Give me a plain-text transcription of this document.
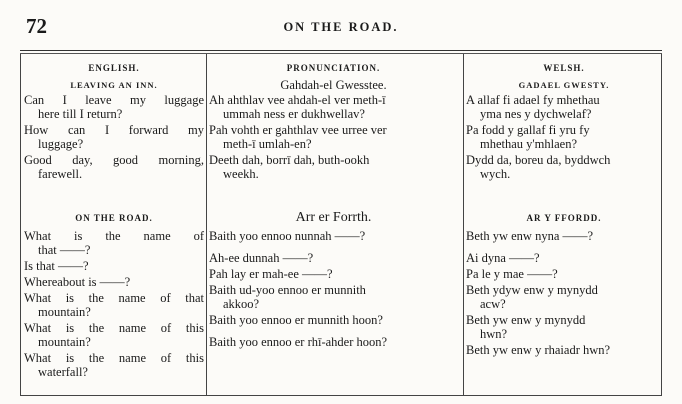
72	ON THE ROAD.
ENGLISH.
LEAVING AN INN.
Can I leave my luggage
here till I return?
How can I forward my
luggage?
Good day, good morning,
farewell.
ON THE ROAD.
What is the name of
that ——?
Is that ——?
Whereabout is ——?
What is the name of that
mountain?
What is the name of this
mountain?
What is the name of this
waterfall?
PRONUNCIATION.
Gahdah-el Gwesstee.
Ah ahthlav vee ahdah-el ver meth-ī
ummah ness er dukhwellav?
Pah vohth er gahthlav vee urree ver
meth-ī umlah-en?
Deeth dah, borrī dah, buth-ookh
weekh.
Arr er Forrth.
Baith yoo ennoo nunnah ——?
Ah-ee dunnah ——?
Pah lay er mah-ee ——?
Baith ud-yoo ennoo er munnith
akkoo?
Baith yoo ennoo er munnith hoon?
Baith yoo ennoo er rhī-ahder hoon?
WELSH.
GADAEL GWESTY.
A allaf fi adael fy mhethau
yma nes y dychwelaf?
Pa fodd y gallaf fi yru fy
mhethau y'mhlaen?
Dydd da, boreu da, byddwch
wych.
AR Y FFORDD.
Beth yw enw nyna ——?
Ai dyna ——?
Pa le y mae ——?
Beth ydyw enw y mynydd
acw?
Beth yw enw y mynydd
hwn?
Beth yw enw y rhaiadr hwn?
